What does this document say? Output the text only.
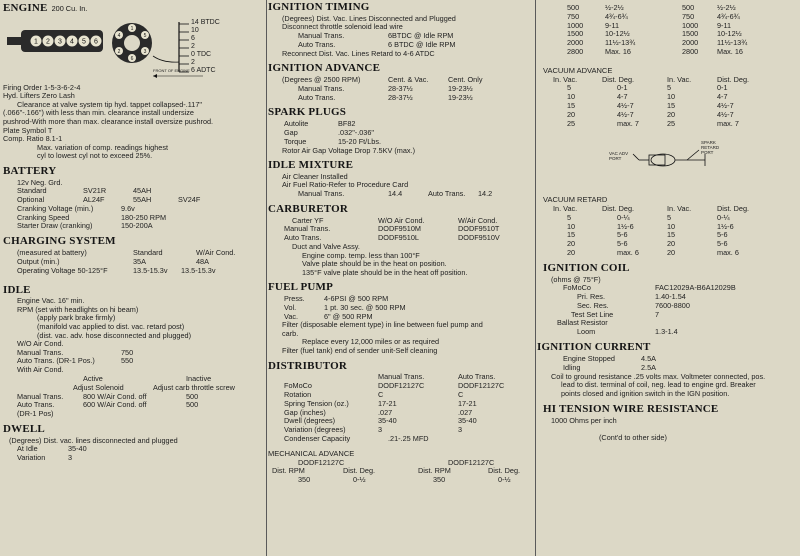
ENGINE 200 Cu. In.
1 2 3 4 5 6
1
5
3
6
2
4
14 BTDC
10
6
2
0 TDC
2
6 ADTC
FRONT OF ENGINE
Firing Order 1-5-3-6-2-4
Hyd. Lifters Zero Lash
Clearance at valve system tip hyd. tappet collapsed-.117"
(.066"-.166") with less than min. clearance install undersize
pushrod-With more than max. clearance install oversize pushrod.
Plate Symbol T
Comp. Ratio 8.1-1
Max. variation of comp. readings highest
cyl to lowest cyl not to exceed 25%.
BATTERY
12v Neg. Grd.
Standard	SV21R	45AH
Optional	AL24F	55AH	SV24F
Cranking Voltage (min.)	9.6v
Cranking Speed	180-250 RPM
Starter Draw (cranking)	150-200A
CHARGING SYSTEM
(measured at battery)	Standard	W/Air Cond.
Output (min.)	35A	48A
Operating Voltage 50-125°F	13.5-15.3v 13.5-15.3v
IDLE
Engine Vac. 16" min.
RPM (set with headlights on hi beam)
(apply park brake firmly)
(manifold vac applied to dist. vac. retard post)
(dist. vac. adv. hose disconnected and plugged)
W/O Air Cond.
Manual Trans.	750
Auto Trans. (DR-1 Pos.)	550
With Air Cond.
Active	Inactive
Adjust Solenoid	Adjust carb throttle screw
Manual Trans.	800 W/Air Cond. off	500
Auto Trans.	600 W/Air Cond. off	500
(DR-1 Pos)
DWELL
(Degrees) Dist. vac. lines disconnected and plugged
At Idle	35-40
Variation	3
IGNITION TIMING
(Degrees) Dist. Vac. Lines Disconnected and Plugged
Disconnect throttle solenoid lead wire
Manual Trans.	6BTDC @ Idle RPM
Auto Trans.	6 BTDC @ Idle RPM
Reconnect Dist. Vac. Lines Retard to 4-6 ATDC
IGNITION ADVANCE
(Degrees @ 2500 RPM)	Cent. & Vac.	Cent. Only
Manual Trans.	28-37½	19-23½
Auto Trans.	28-37½	19-23½
SPARK PLUGS
Autolite	BF82
Gap	.032"-.036"
Torque	15-20 Ft/Lbs.
Rotor Air Gap Voltage Drop 7.5KV (max.)
IDLE MIXTURE
Air Cleaner Installed
Air Fuel Ratio-Refer to Procedure Card
Manual Trans.	14.4	Auto Trans. 14.2
CARBURETOR
Carter YF	W/O Air Cond.	W/Air Cond.
Manual Trans.	DODF9510M	DODF9510T
Auto Trans.	DODF9510L	DODF9510V
Duct and Valve Assy.
Engine comp. temp. less than 100°F
Valve plate should be in the heat on position.
135°F valve plate should be in the heat off position.
FUEL PUMP
Press.	4-6PSI @ 500 RPM
Vol.	1 pt. 30 sec. @ 500 RPM
Vac.	6" @ 500 RPM
Filter (disposable element type) in line between fuel pump and
carb.
Replace every 12,000 miles or as required
Filter (fuel tank) end of sender unit-Self cleaning
DISTRIBUTOR
Manual Trans.	Auto Trans.
FoMoCo	DODF12127C	DODF12127C
Rotation	C	C
Spring Tension (oz.)	17-21	17-21
Gap (inches)	.027	.027
Dwell (degrees)	35-40	35-40
Variation (degrees)	3	3
Condenser Capacity	.21-.25 MFD
MECHANICAL ADVANCE
DODF12127C	DODF12127C
Dist. RPM	Dist. Deg.	Dist. RPM	Dist. Deg.
350	0-½	350	0-½
500	½-2½	500	½-2½
750	4¾-6¾	750	4¾-6¾
1000	9-11	1000	9-11
1500	10-12½	1500	10-12½
2000	11½-13¾	2000	11½-13¾
2800	Max. 16	2800	Max. 16
VACUUM ADVANCE
In. Vac.	Dist. Deg.	In. Vac.	Dist. Deg.
5	0-1	5	0-1
10	4-7	10	4-7
15	4½-7	15	4½-7
20	4½-7	20	4½-7
25	max. 7	25	max. 7
VAC ADV PORT
SPARK RETARD PORT
VACUUM RETARD
In. Vac.	Dist. Deg.	In. Vac.	Dist. Deg.
5	0-¼	5	0-¼
10	1½-6	10	1½-6
15	5-6	15	5-6
20	5-6	20	5-6
20	max. 6	20	max. 6
IGNITION COIL
(ohms @ 75°F)
FoMoCo	FAC12029A-B6A12029B
Pri. Res.	1.40-1.54
Sec. Res.	7600-8800
Test Set Line	7
Ballast Resistor
Loom	1.3-1.4
IGNITION CURRENT
Engine Stopped	4.5A
Idling	2.5A
Coil to ground resistance .25 volts max. Voltmeter connected, pos.
lead to dist. terminal of coil, neg. lead to engine grd. Breaker
points closed and ignition switch in the IGN position.
HI TENSION WIRE RESISTANCE
1000 Ohms per inch
(Cont'd to other side)
